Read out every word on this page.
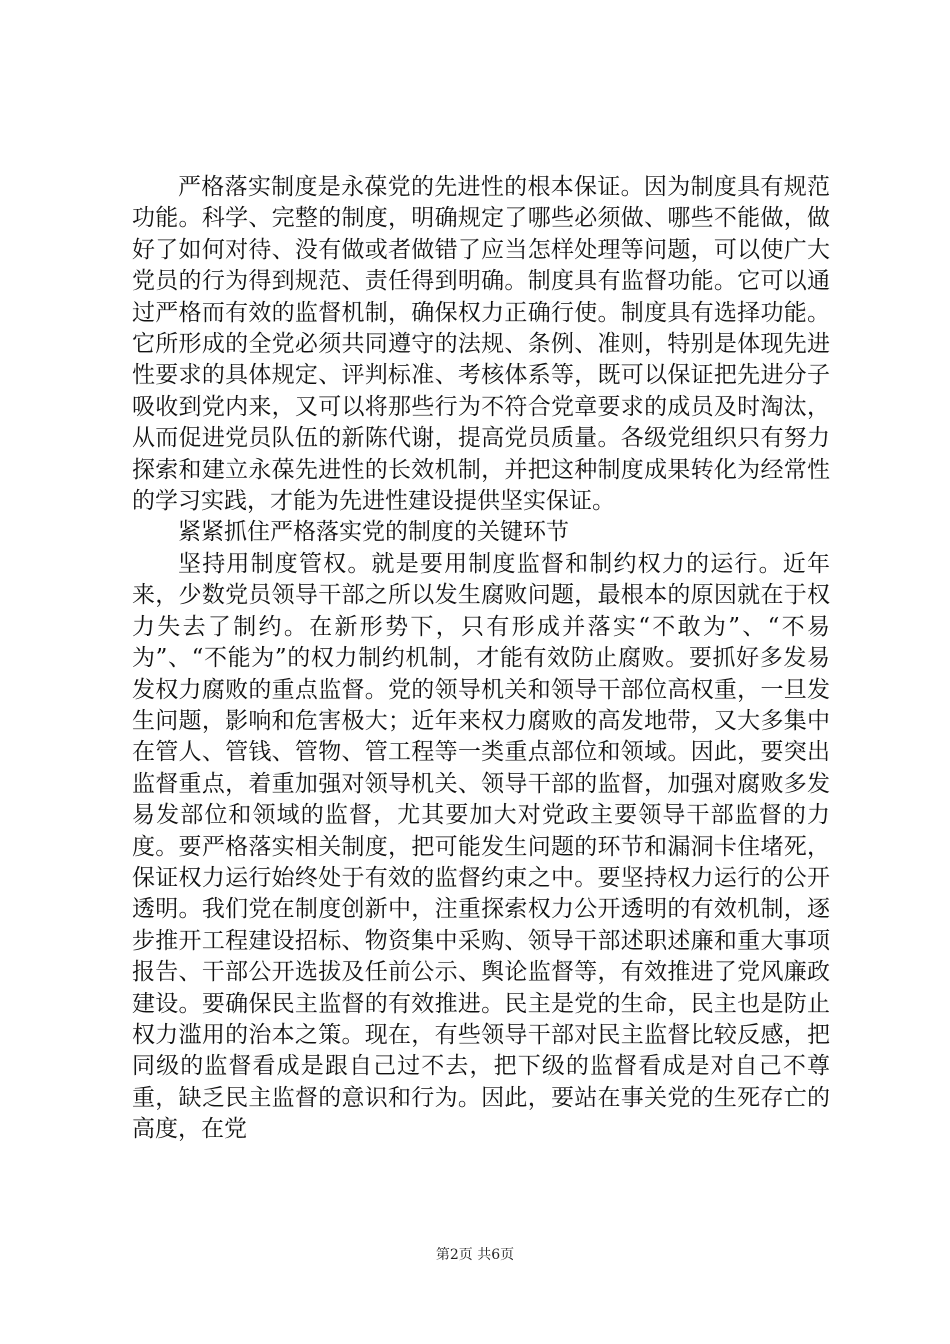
严格落实制度是永葆党的先进性的根本保证。因为制度具有规范功能。科学、完整的制度，明确规定了哪些必须做、哪些不能做，做好了如何对待、没有做或者做错了应当怎样处理等问题，可以使广大党员的行为得到规范、责任得到明确。制度具有监督功能。它可以通过严格而有效的监督机制，确保权力正确行使。制度具有选择功能。它所形成的全党必须共同遵守的法规、条例、准则，特别是体现先进性要求的具体规定、评判标准、考核体系等，既可以保证把先进分子吸收到党内来，又可以将那些行为不符合党章要求的成员及时淘汰，从而促进党员队伍的新陈代谢，提高党员质量。各级党组织只有努力探索和建立永葆先进性的长效机制，并把这种制度成果转化为经常性的学习实践，才能为先进性建设提供坚实保证。

紧紧抓住严格落实党的制度的关键环节

坚持用制度管权。就是要用制度监督和制约权力的运行。近年来，少数党员领导干部之所以发生腐败问题，最根本的原因就在于权力失去了制约。在新形势下，只有形成并落实“不敢为”、“不易为”、“不能为”的权力制约机制，才能有效防止腐败。要抓好多发易发权力腐败的重点监督。党的领导机关和领导干部位高权重，一旦发生问题，影响和危害极大；近年来权力腐败的高发地带，又大多集中在管人、管钱、管物、管工程等一类重点部位和领域。因此，要突出监督重点，着重加强对领导机关、领导干部的监督，加强对腐败多发易发部位和领域的监督，尤其要加大对党政主要领导干部监督的力度。要严格落实相关制度，把可能发生问题的环节和漏洞卡住堵死，保证权力运行始终处于有效的监督约束之中。要坚持权力运行的公开透明。我们党在制度创新中，注重探索权力公开透明的有效机制，逐步推开工程建设招标、物资集中采购、领导干部述职述廉和重大事项报告、干部公开选拔及任前公示、舆论监督等，有效推进了党风廉政建设。要确保民主监督的有效推进。民主是党的生命，民主也是防止权力滥用的治本之策。现在，有些领导干部对民主监督比较反感，把同级的监督看成是跟自己过不去，把下级的监督看成是对自己不尊重，缺乏民主监督的意识和行为。因此，要站在事关党的生死存亡的高度，在党

第2页 共6页
